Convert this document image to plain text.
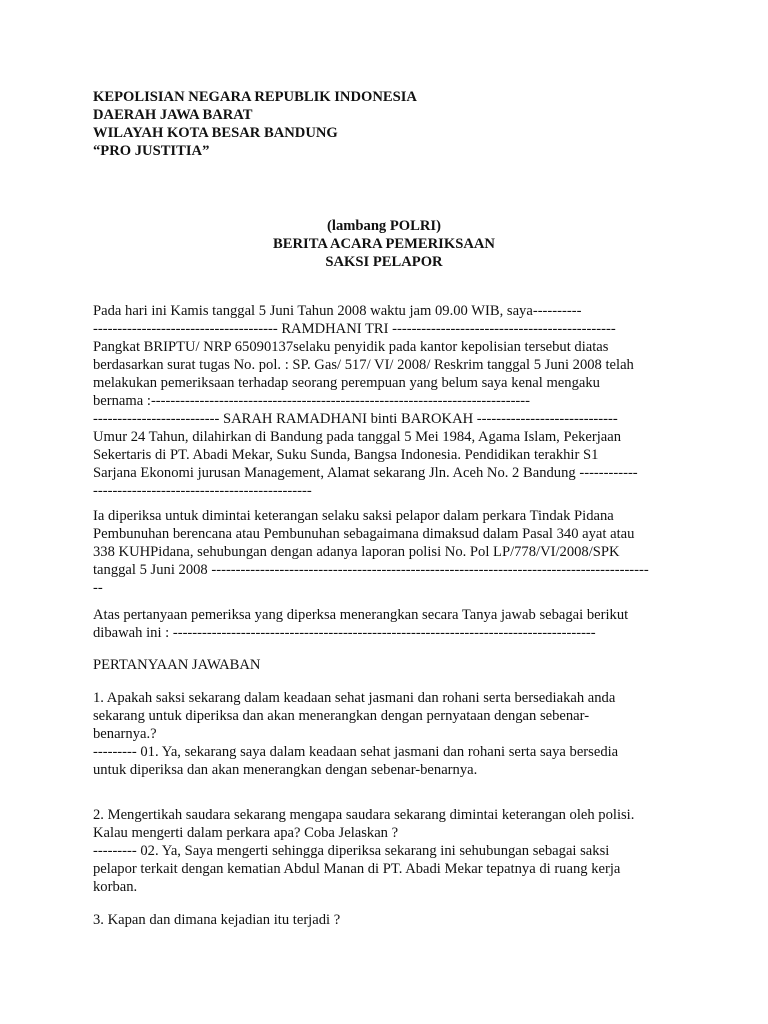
KEPOLISIAN NEGARA REPUBLIK INDONESIA
DAERAH JAWA BARAT
WILAYAH KOTA BESAR BANDUNG
“PRO JUSTITIA”
(lambang POLRI)
BERITA ACARA PEMERIKSAAN
SAKSI PELAPOR
Pada hari ini Kamis tanggal 5 Juni Tahun 2008 waktu jam 09.00 WIB, saya----------
-------------------------------------- RAMDHANI TRI ----------------------------------------------
Pangkat BRIPTU/ NRP 65090137selaku penyidik pada kantor kepolisian tersebut diatas
berdasarkan surat tugas No. pol. : SP. Gas/ 517/ VI/ 2008/ Reskrim tanggal 5 Juni 2008 telah
melakukan pemeriksaan terhadap seorang perempuan yang belum saya kenal mengaku
bernama :------------------------------------------------------------------------------
-------------------------- SARAH RAMADHANI binti BAROKAH -----------------------------
Umur 24 Tahun, dilahirkan di Bandung pada tanggal 5 Mei 1984, Agama Islam, Pekerjaan
Sekertaris di PT. Abadi Mekar, Suku Sunda, Bangsa Indonesia. Pendidikan terakhir S1
Sarjana Ekonomi jurusan Management, Alamat sekarang Jln. Aceh No. 2 Bandung ------------
---------------------------------------------
Ia diperiksa untuk dimintai keterangan selaku saksi pelapor dalam perkara Tindak Pidana
Pembunuhan berencana atau Pembunuhan sebagaimana dimaksud dalam Pasal 340 ayat atau
338 KUHPidana, sehubungan dengan adanya laporan polisi No. Pol LP/778/VI/2008/SPK
tanggal 5 Juni 2008 ------------------------------------------------------------------------------------------
--
Atas pertanyaan pemeriksa yang diperksa menerangkan secara Tanya jawab sebagai berikut
dibawah ini : ---------------------------------------------------------------------------------------
PERTANYAAN JAWABAN
1. Apakah saksi sekarang dalam keadaan sehat jasmani dan rohani serta bersediakah anda
sekarang untuk diperiksa dan akan menerangkan dengan pernyataan dengan sebenar-
benarnya.?
--------- 01. Ya, sekarang saya dalam keadaan sehat jasmani dan rohani serta saya bersedia
untuk diperiksa dan akan menerangkan dengan sebenar-benarnya.
2. Mengertikah saudara sekarang mengapa saudara sekarang dimintai keterangan oleh polisi.
Kalau mengerti dalam perkara apa? Coba Jelaskan ?
--------- 02. Ya, Saya mengerti sehingga diperiksa sekarang ini sehubungan sebagai saksi
pelapor terkait dengan kematian Abdul Manan di PT. Abadi Mekar tepatnya di ruang kerja
korban.
3. Kapan dan dimana kejadian itu terjadi ?
